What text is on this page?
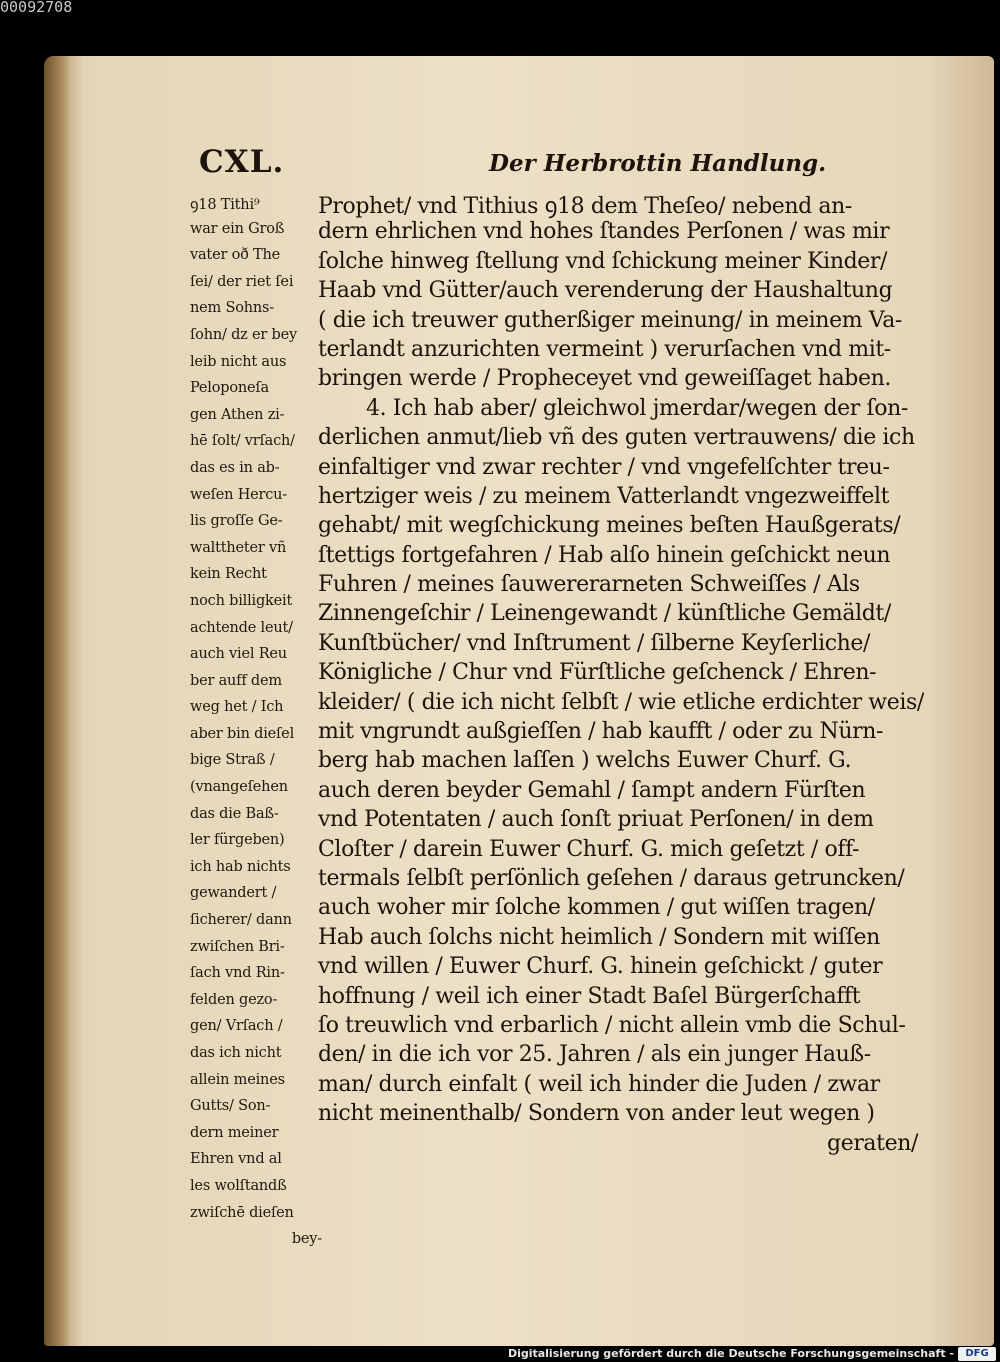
00092708
CXL.	Der Herbrottin Handlung.
ꝯ18 Tithi⁹
war ein Groß
vater oð The
ſei/ der riet ſei
nem Sohns-
ſohn/ dz er bey
leib nicht aus
Peloponeſa
gen Athen zi-
hē ſolt/ vrſach/
das es in ab-
weſen Hercu-
lis groſſe Ge-
walttheter vñ
kein Recht
noch billigkeit
achtende leut/
auch viel Reu
ber auff dem
weg het / Ich
aber bin dieſel
bige Straß /
(vnangeſehen
das die Baß-
ler fürgeben)
ich hab nichts
gewandert /
ſicherer/ dann
zwiſchen Bri-
ſach vnd Rin-
felden gezo-
gen/ Vrſach /
das ich nicht
allein meines
Gutts/ Son-
dern meiner
Ehren vnd al
les wolſtandß
zwiſchē dieſen
bey-
Prophet/ vnd Tithius ꝯ18 dem Theſeo/ nebend an-
dern ehrlichen vnd hohes ſtandes Perſonen / was mir
ſolche hinweg ſtellung vnd ſchickung meiner Kinder/
Haab vnd Gütter/auch verenderung der Haushaltung
( die ich treuwer gutherßiger meinung/ in meinem Va-
terlandt anzurichten vermeint ) verurſachen vnd mit-
bringen werde / Propheceyet vnd geweiſſaget haben.
4. Ich hab aber/ gleichwol jmerdar/wegen der ſon-
derlichen anmut/lieb vñ des guten vertrauwens/ die ich
einfaltiger vnd zwar rechter / vnd vngefelſchter treu-
hertziger weis / zu meinem Vatterlandt vngezweiffelt
gehabt/ mit wegſchickung meines beſten Haußgerats/
ſtettigs fortgefahren / Hab alſo hinein geſchickt neun
Fuhren / meines ſauwererarneten Schweiſſes / Als
Zinnengeſchir / Leinengewandt / künſtliche Gemäldt/
Kunſtbücher/ vnd Inſtrument / ſilberne Keyſerliche/
Königliche / Chur vnd Fürſtliche geſchenck / Ehren-
kleider/ ( die ich nicht ſelbſt / wie etliche erdichter weis/
mit vngrundt außgieſſen / hab kaufft / oder zu Nürn-
berg hab machen laſſen ) welchs Euwer Churf. G.
auch deren beyder Gemahl / ſampt andern Fürſten
vnd Potentaten / auch ſonſt priuat Perſonen/ in dem
Cloſter / darein Euwer Churf. G. mich geſetzt / off-
termals ſelbſt perſönlich geſehen / daraus getruncken/
auch woher mir ſolche kommen / gut wiſſen tragen/
Hab auch ſolchs nicht heimlich / Sondern mit wiſſen
vnd willen / Euwer Churf. G. hinein geſchickt / guter
hoffnung / weil ich einer Stadt Baſel Bürgerſchafft
ſo treuwlich vnd erbarlich / nicht allein vmb die Schul-
den/ in die ich vor 25. Jahren / als ein junger Hauß-
man/ durch einfalt ( weil ich hinder die Juden / zwar
nicht meinenthalb/ Sondern von ander leut wegen )
geraten/
Digitalisierung gefördert durch die Deutsche Forschungsgemeinschaft -	DFG
